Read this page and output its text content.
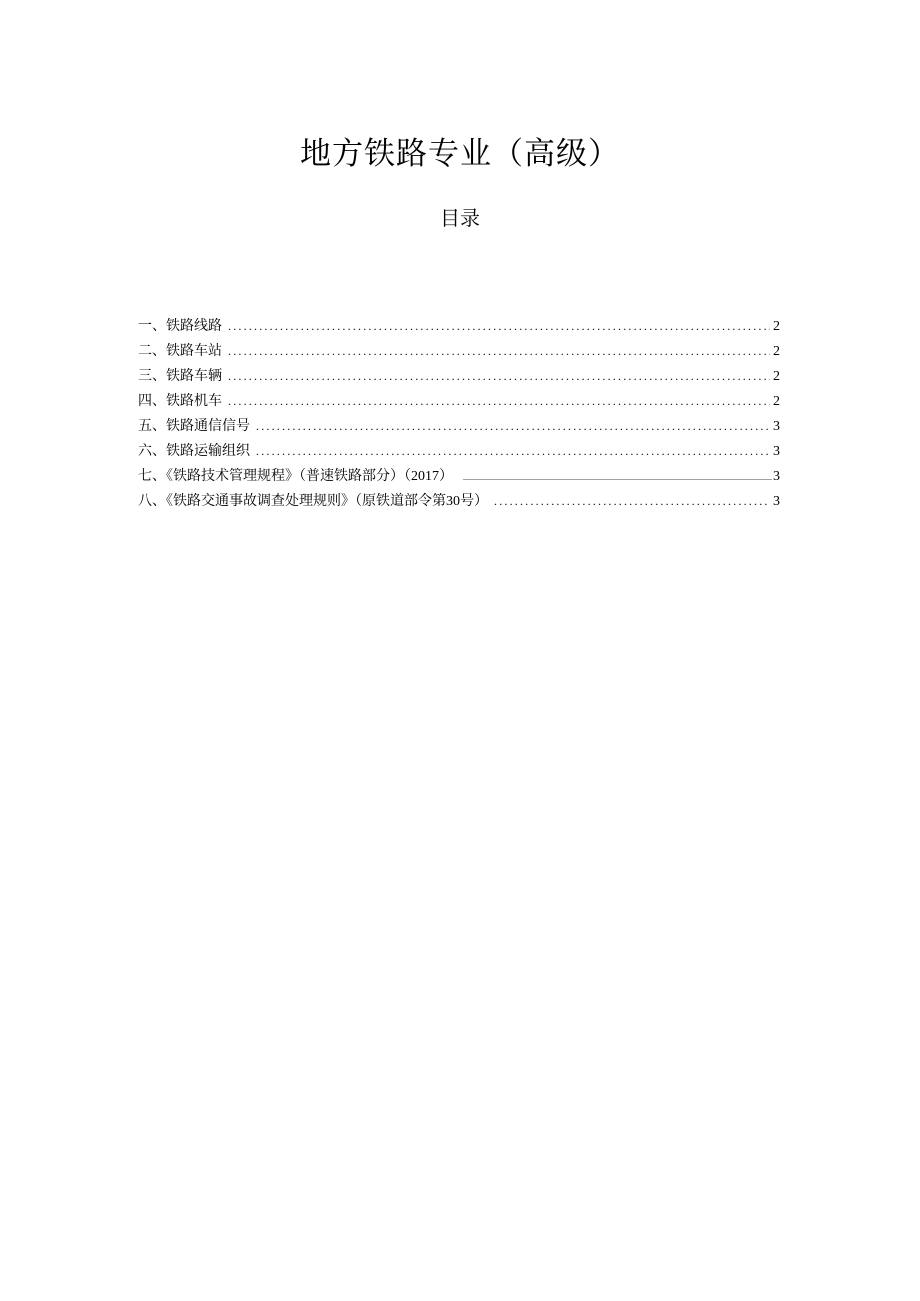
地方铁路专业（高级）
目录
一、铁路线路 .....	2
二、铁路车站 .....	2
三、铁路车辆 .....	2
四、铁路机车 .....	2
五、铁路通信信号 .....	3
六、铁路运输组织 .....	3
七、《铁路技术管理规程》（普速铁路部分）（2017） .....	3
八、《铁路交通事故调查处理规则》（原铁道部令第30号） .....	3
